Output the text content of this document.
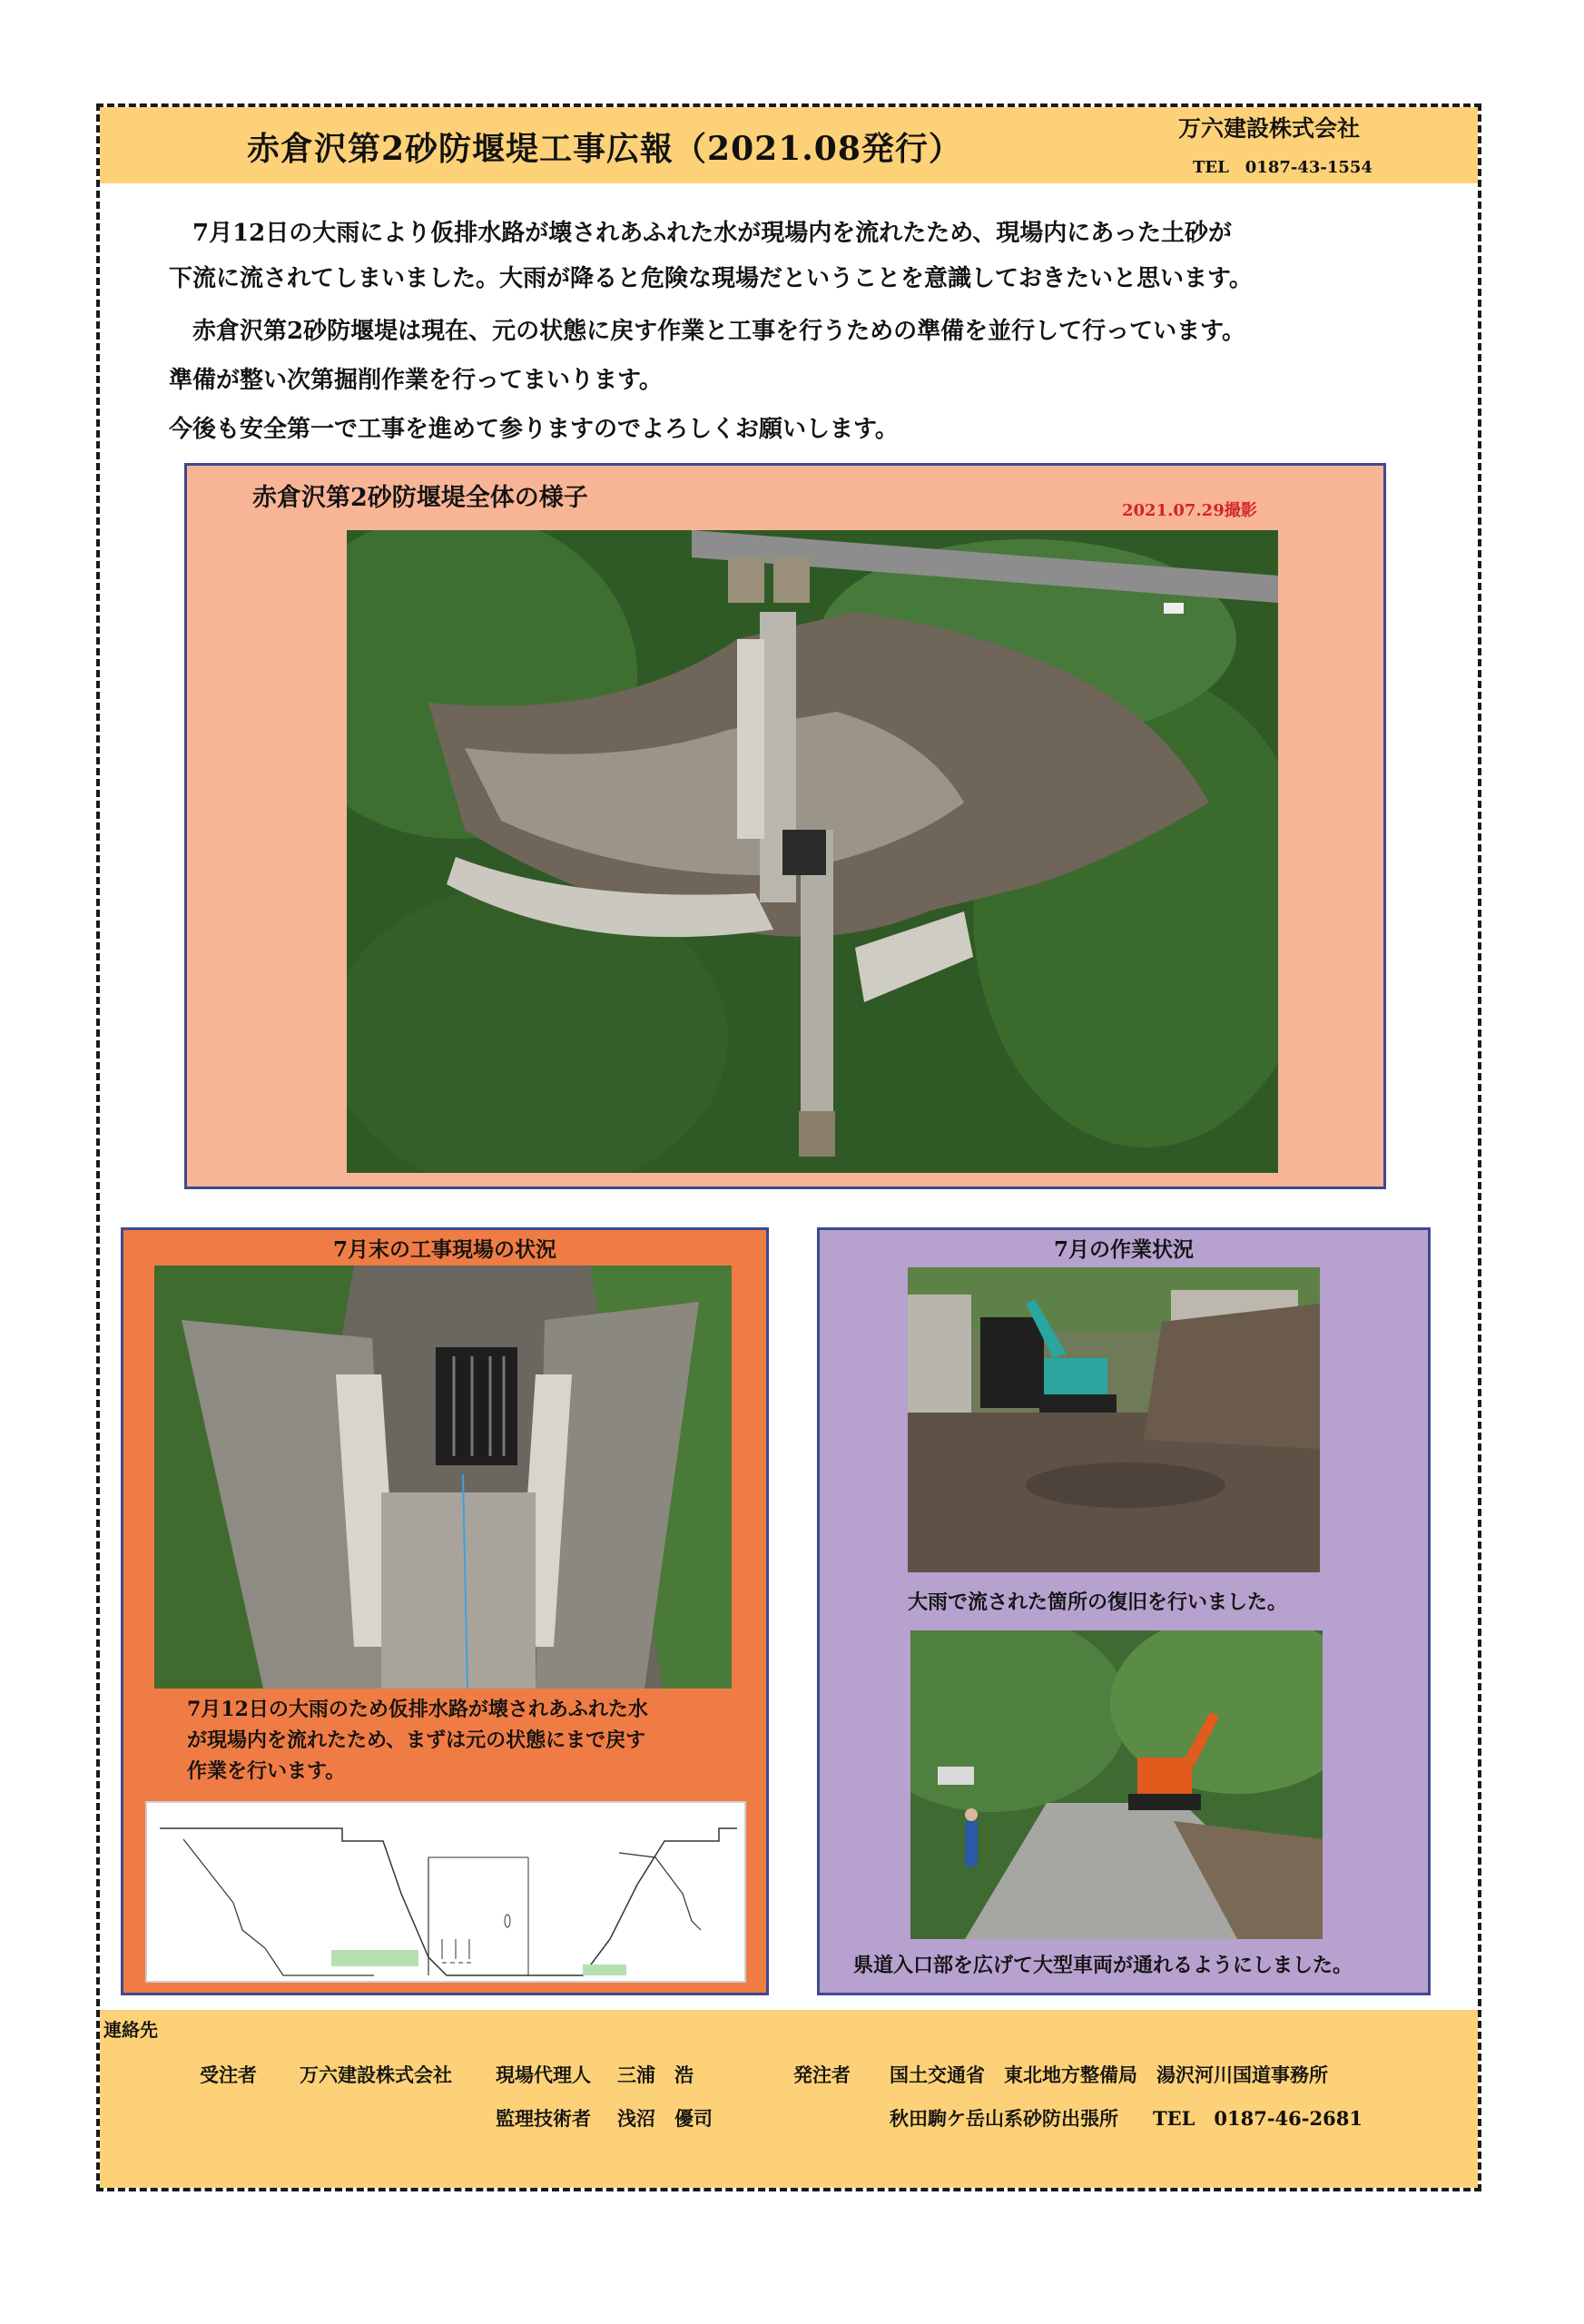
赤倉沢第2砂防堰堤工事広報（2021.08発行）
万六建設株式会社
TEL　0187-43-1554

　7月12日の大雨により仮排水路が壊されあふれた水が現場内を流れたため、現場内にあった土砂が

下流に流されてしまいました。大雨が降ると危険な現場だということを意識しておきたいと思います。

　赤倉沢第2砂防堰堤は現在、元の状態に戻す作業と工事を行うための準備を並行して行っています。

準備が整い次第掘削作業を行ってまいります。

今後も安全第一で工事を進めて参りますのでよろしくお願いします。

赤倉沢第2砂防堰堤全体の様子	2021.07.29撮影
7月末の工事現場の状況
7月12日の大雨のため仮排水路が壊されあふれた水
が現場内を流れたため、まずは元の状態にまで戻す
作業を行います。
7月の作業状況
大雨で流された箇所の復旧を行いました。
県道入口部を広げて大型車両が通れるようにしました。
連絡先
受注者 万六建設株式会社 現場代理人 三浦　浩
監理技術者 浅沼　優司
発注者 国土交通省　東北地方整備局　湯沢河川国道事務所
秋田駒ケ岳山系砂防出張所 TEL　0187-46-2681
